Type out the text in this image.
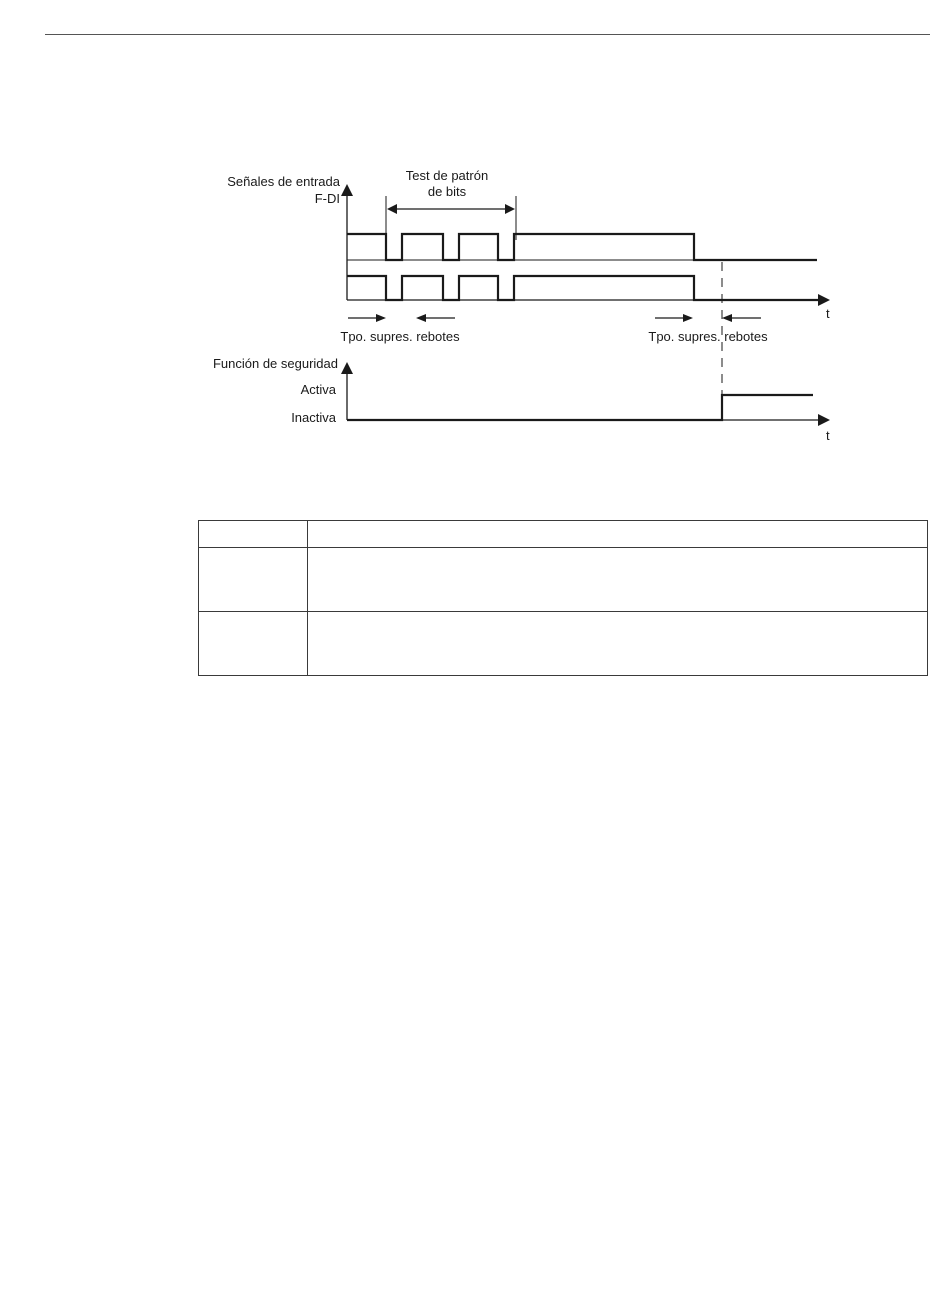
Señales de entrada
F-DI
Test de patrón
de bits
t
Tpo. supres. rebotes	Tpo. supres. rebotes
Función de seguridad
Activa
Inactiva
t
